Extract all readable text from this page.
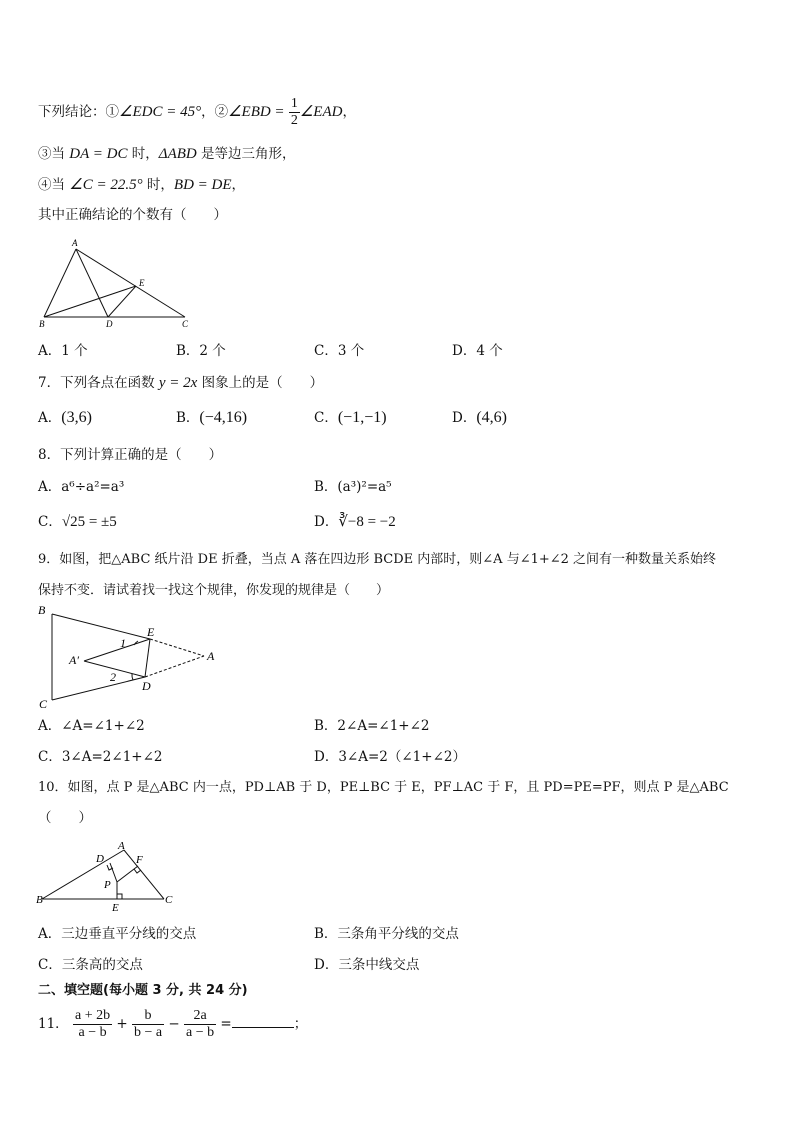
下列结论：①∠EDC = 45°，②∠EBD = $\frac{1}{2}$ ∠EAD，
③当 DA = DC 时，ΔABD 是等边三角形，
④当 ∠C = 22.5° 时，BD = DE，
其中正确结论的个数有（　　）
A
E
B	D	C
A．1 个	B．2 个	C．3 个	D．4 个
7．下列各点在函数 y = 2x 图象上的是（　　）
A．(3,6)	B．(−4,16)	C．(−1,−1)	D．(4,6)
8．下列计算正确的是（　　）
A．a⁶÷a²=a³	B．(a³)²=a⁵
C．√25 = ±5	D．∛−8 = −2
9．如图，把△ABC 纸片沿 DE 折叠，当点 A 落在四边形 BCDE 内部时，则∠A 与∠1+∠2 之间有一种数量关系始终
保持不变．请试着找一找这个规律，你发现的规律是（　　）
B
E
A′	A
1
2
D
C
A．∠A=∠1+∠2	B．2∠A=∠1+∠2
C．3∠A=2∠1+∠2	D．3∠A=2（∠1+∠2）
10．如图，点 P 是△ABC 内一点，PD⊥AB 于 D，PE⊥BC 于 E，PF⊥AC 于 F，且 PD=PE=PF，则点 P 是△ABC
（　　）
A
D	F
P
B
E
C
A．三边垂直平分线的交点	B．三条角平分线的交点
C．三条高的交点	D．三条中线交点
二、填空题(每小题 3 分, 共 24 分)
11． $\frac{a + 2b}{a - b} + \frac{b}{b - a} - \frac{2a}{a - b}$ =	；
